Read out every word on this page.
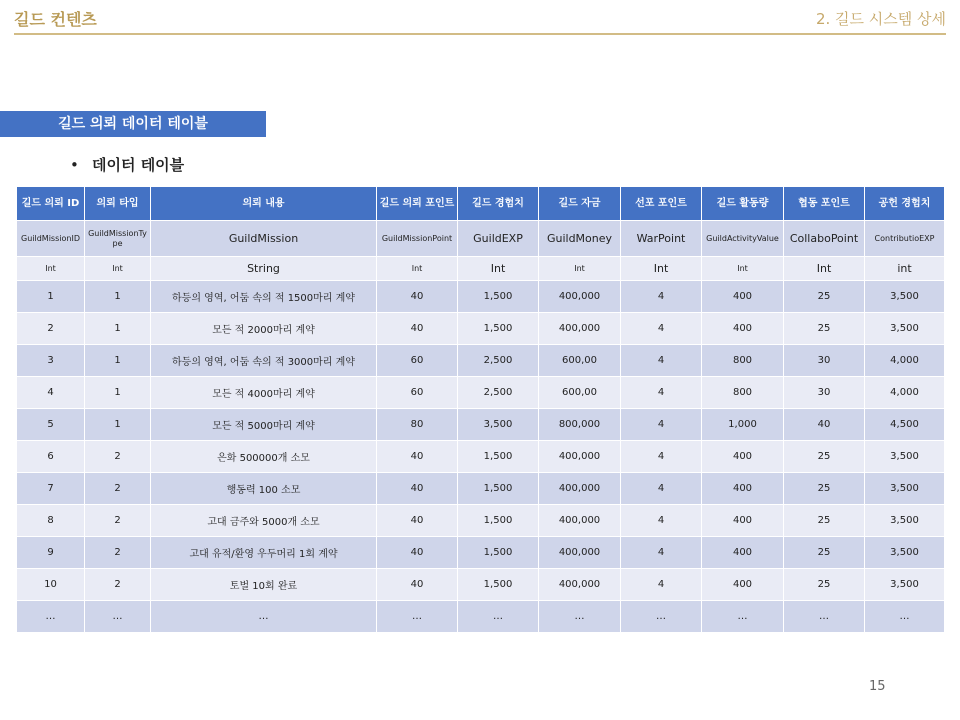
길드 컨텐츠	2. 길드 시스템 상세
길드 의뢰 데이터 테이블
• 데이터 테이블
길드 의뢰 ID	의뢰 타입	의뢰 내용	길드 의뢰 포인트	길드 경험치	길드 자금	선포 포인트	길드 활동량	협동 포인트	공헌 경험치
GuildMissionID	GuildMissionType	GuildMission	GuildMissionPoint	GuildEXP	GuildMoney	WarPoint	GuildActivityValue	CollaboPoint	ContributioEXP
Int	Int	String	Int	Int	Int	Int	Int	Int	int
1	1	하등의 영역, 어둠 속의 적 1500마리 계약	40	1,500	400,000	4	400	25	3,500
2	1	모든 적 2000마리 계약	40	1,500	400,000	4	400	25	3,500
3	1	하등의 영역, 어둠 속의 적 3000마리 계약	60	2,500	600,00	4	800	30	4,000
4	1	모든 적 4000마리 계약	60	2,500	600,00	4	800	30	4,000
5	1	모든 적 5000마리 계약	80	3,500	800,000	4	1,000	40	4,500
6	2	은화 500000개 소모	40	1,500	400,000	4	400	25	3,500
7	2	행동력 100 소모	40	1,500	400,000	4	400	25	3,500
8	2	고대 금주와 5000개 소모	40	1,500	400,000	4	400	25	3,500
9	2	고대 유적/환영 우두머리 1회 계약	40	1,500	400,000	4	400	25	3,500
10	2	토벌 10회 완료	40	1,500	400,000	4	400	25	3,500
…	…	…	…	…	…	…	…	…	…
15
